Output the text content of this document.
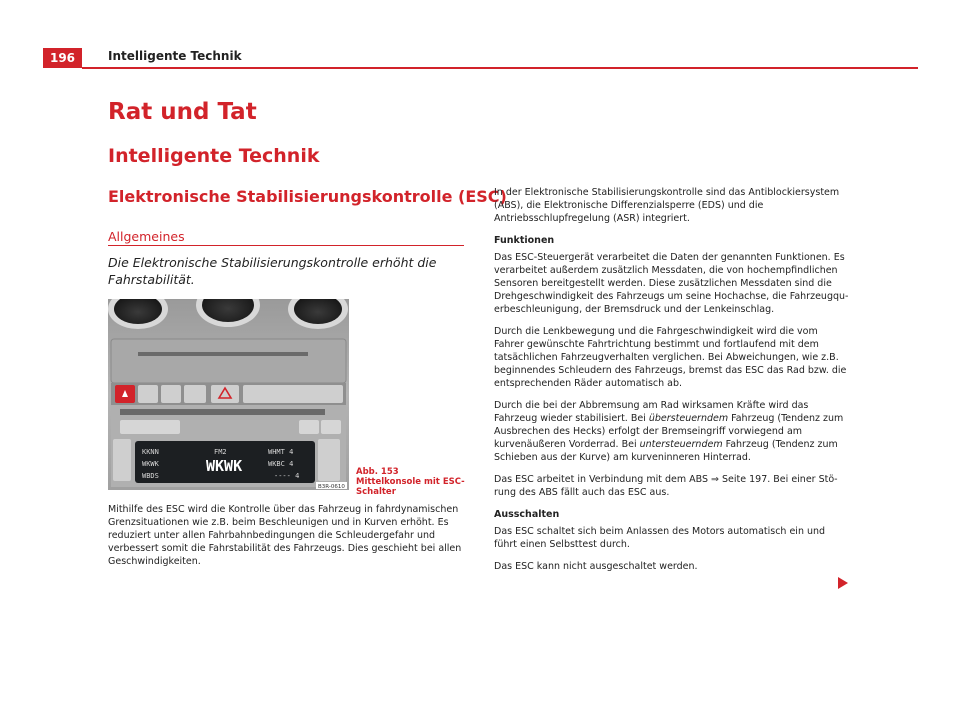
196	Intelligente Technik
Rat und Tat
Intelligente Technik
Elektronische Stabilisierungskontrolle (ESC)
Allgemeines

Die Elektronische Stabilisierungskontrolle erhöht die Fahrstabilität.

KKNN	FM2	WHMT 4
WKWK	WKWK	WKBC 4
WBDS	---- 4
B3R-0610
Abb. 153 Mittelkonsole mit ESC-Schalter

Mithilfe des ESC wird die Kontrolle über das Fahrzeug in fahrdynamischen Grenzsituationen wie z.B. beim Beschleunigen und in Kurven erhöht. Es reduziert unter allen Fahrbahnbedingungen die Schleudergefahr und verbessert somit die Fahrstabilität des Fahrzeugs. Dies geschieht bei allen Geschwindigkeiten.

In der Elektronische Stabilisierungskontrolle sind das Antiblockiersystem (ABS), die Elektronische Differenzialsperre (EDS) und die Antriebsschlupfregelung (ASR) integriert.

Funktionen

Das ESC-Steuergerät verarbeitet die Daten der genannten Funktionen. Es verarbeitet außerdem zusätzlich Messdaten, die von hochempfindlichen Sensoren bereitgestellt werden. Diese zusätzlichen Messdaten sind die Drehgeschwindigkeit des Fahrzeugs um seine Hochachse, die Fahrzeugquerbeschleunigung, der Bremsdruck und der Lenkeinschlag.

Durch die Lenkbewegung und die Fahrgeschwindigkeit wird die vom Fahrer gewünschte Fahrtrichtung bestimmt und fortlaufend mit dem tatsächlichen Fahrzeugverhalten verglichen. Bei Abweichungen, wie z.B. beginnendes Schleudern des Fahrzeugs, bremst das ESC das Rad bzw. die entsprechenden Räder automatisch ab.

Durch die bei der Abbremsung am Rad wirksamen Kräfte wird das Fahrzeug wieder stabilisiert. Bei übersteuerndem Fahrzeug (Tendenz zum Ausbrechen des Hecks) erfolgt der Bremseingriff vorwiegend am kurvenäußeren Vorderrad. Bei untersteuerndem Fahrzeug (Tendenz zum Schieben aus der Kurve) am kurveninneren Hinterrad.

Das ESC arbeitet in Verbindung mit dem ABS ⇒ Seite 197. Bei einer Störung des ABS fällt auch das ESC aus.

Ausschalten

Das ESC schaltet sich beim Anlassen des Motors automatisch ein und führt einen Selbsttest durch.

Das ESC kann nicht ausgeschaltet werden.
